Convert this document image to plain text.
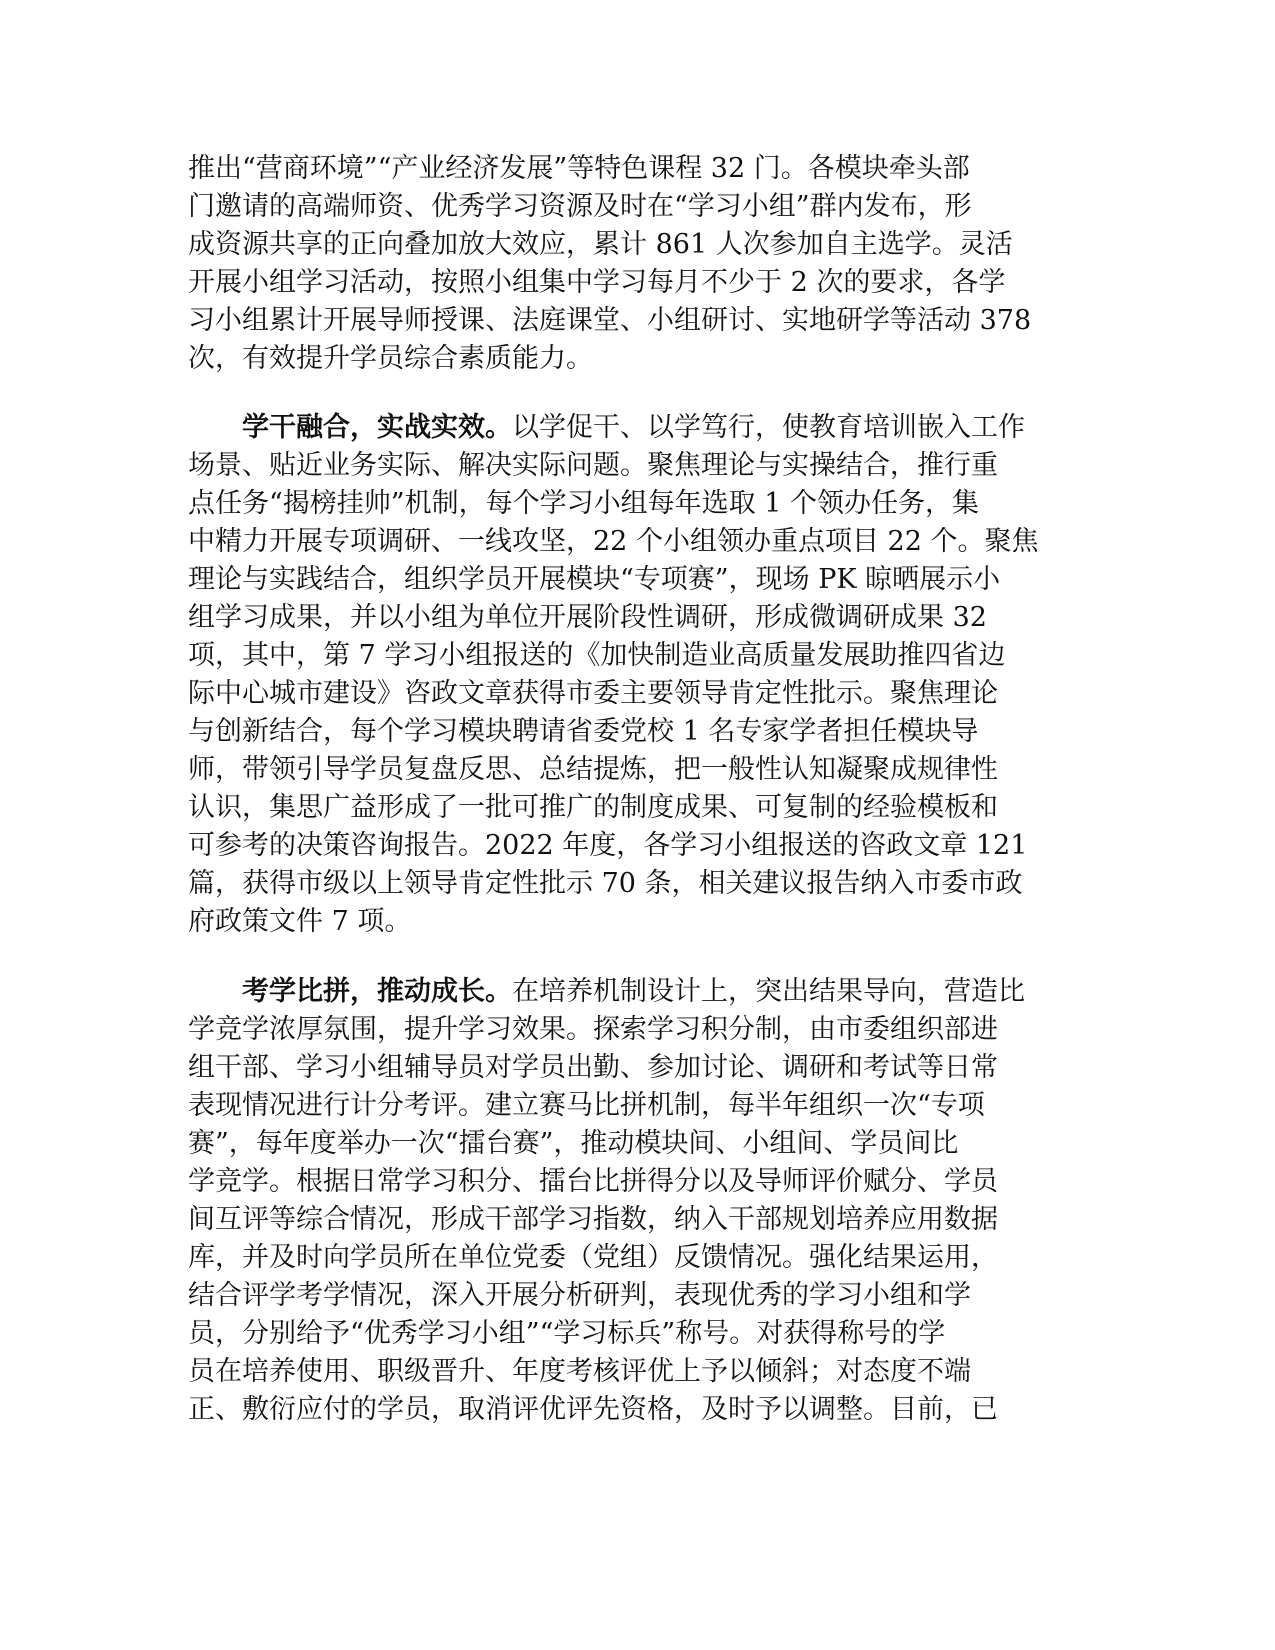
推出“营商环境”“产业经济发展”等特色课程 32 门。各模块牵头部
门邀请的高端师资、优秀学习资源及时在“学习小组”群内发布，形
成资源共享的正向叠加放大效应，累计 861 人次参加自主选学。灵活
开展小组学习活动，按照小组集中学习每月不少于 2 次的要求，各学
习小组累计开展导师授课、法庭课堂、小组研讨、实地研学等活动 378
次，有效提升学员综合素质能力。
　　学干融合，实战实效。以学促干、以学笃行，使教育培训嵌入工作
场景、贴近业务实际、解决实际问题。聚焦理论与实操结合，推行重
点任务“揭榜挂帅”机制，每个学习小组每年选取 1 个领办任务，集
中精力开展专项调研、一线攻坚，22 个小组领办重点项目 22 个。聚焦
理论与实践结合，组织学员开展模块“专项赛”，现场 PK 晾晒展示小
组学习成果，并以小组为单位开展阶段性调研，形成微调研成果 32
项，其中，第 7 学习小组报送的《加快制造业高质量发展助推四省边
际中心城市建设》咨政文章获得市委主要领导肯定性批示。聚焦理论
与创新结合，每个学习模块聘请省委党校 1 名专家学者担任模块导
师，带领引导学员复盘反思、总结提炼，把一般性认知凝聚成规律性
认识，集思广益形成了一批可推广的制度成果、可复制的经验模板和
可参考的决策咨询报告。2022 年度，各学习小组报送的咨政文章 121
篇，获得市级以上领导肯定性批示 70 条，相关建议报告纳入市委市政
府政策文件 7 项。
　　考学比拼，推动成长。在培养机制设计上，突出结果导向，营造比
学竞学浓厚氛围，提升学习效果。探索学习积分制，由市委组织部进
组干部、学习小组辅导员对学员出勤、参加讨论、调研和考试等日常
表现情况进行计分考评。建立赛马比拼机制，每半年组织一次“专项
赛”，每年度举办一次“擂台赛”，推动模块间、小组间、学员间比
学竞学。根据日常学习积分、擂台比拼得分以及导师评价赋分、学员
间互评等综合情况，形成干部学习指数，纳入干部规划培养应用数据
库，并及时向学员所在单位党委（党组）反馈情况。强化结果运用，
结合评学考学情况，深入开展分析研判，表现优秀的学习小组和学
员，分别给予“优秀学习小组”“学习标兵”称号。对获得称号的学
员在培养使用、职级晋升、年度考核评优上予以倾斜；对态度不端
正、敷衍应付的学员，取消评优评先资格，及时予以调整。目前，已
